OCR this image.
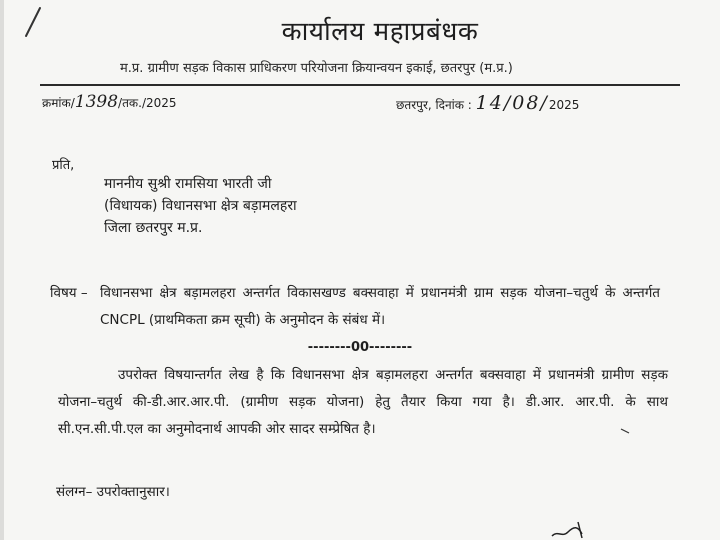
कार्यालय महाप्रबंधक
म.प्र. ग्रामीण सड़क विकास प्राधिकरण परियोजना क्रियान्वयन इकाई, छतरपुर (म.प्र.)
क्रमांक/1398/तक./2025	छतरपुर, दिनांक : 14/08/2025
प्रति,
माननीय सुश्री रामसिया भारती जी
(विधायक) विधानसभा क्षेत्र बड़ामलहरा
जिला छतरपुर म.प्र.
विषय – विधानसभा क्षेत्र बड़ामलहरा अन्तर्गत विकासखण्ड बक्सवाहा में प्रधानमंत्री ग्राम सड़क योजना–चतुर्थ के अन्तर्गत CNCPL (प्राथमिकता क्रम सूची) के अनुमोदन के संबंध में।
--------00--------
उपरोक्त विषयान्तर्गत लेख है कि विधानसभा क्षेत्र बड़ामलहरा अन्तर्गत बक्सवाहा में प्रधानमंत्री ग्रामीण सड़क योजना–चतुर्थ की-डी.आर.आर.पी. (ग्रामीण सड़क योजना) हेतु तैयार किया गया है। डी.आर. आर.पी. के साथ सी.एन.सी.पी.एल का अनुमोदनार्थ आपकी ओर सादर सम्प्रेषित है।
संलग्न– उपरोक्तानुसार।
